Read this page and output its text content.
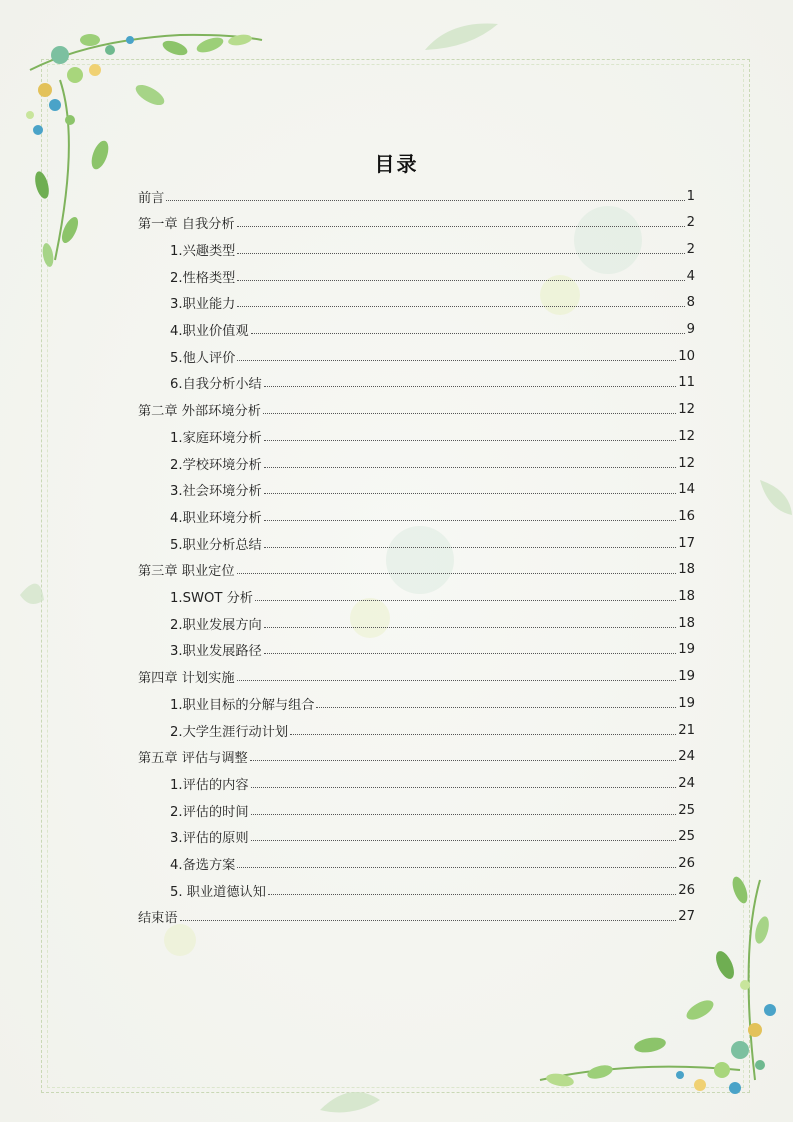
目录
前言	1
第一章 自我分析	2
1.兴趣类型	2
2.性格类型	4
3.职业能力	8
4.职业价值观	9
5.他人评价	10
6.自我分析小结	11
第二章 外部环境分析	12
1.家庭环境分析	12
2.学校环境分析	12
3.社会环境分析	14
4.职业环境分析	16
5.职业分析总结	17
第三章 职业定位	18
1.SWOT 分析	18
2.职业发展方向	18
3.职业发展路径	19
第四章 计划实施	19
1.职业目标的分解与组合	19
2.大学生涯行动计划	21
第五章 评估与调整	24
1.评估的内容	24
2.评估的时间	25
3.评估的原则	25
4.备选方案	26
5. 职业道德认知	26
结束语	27
